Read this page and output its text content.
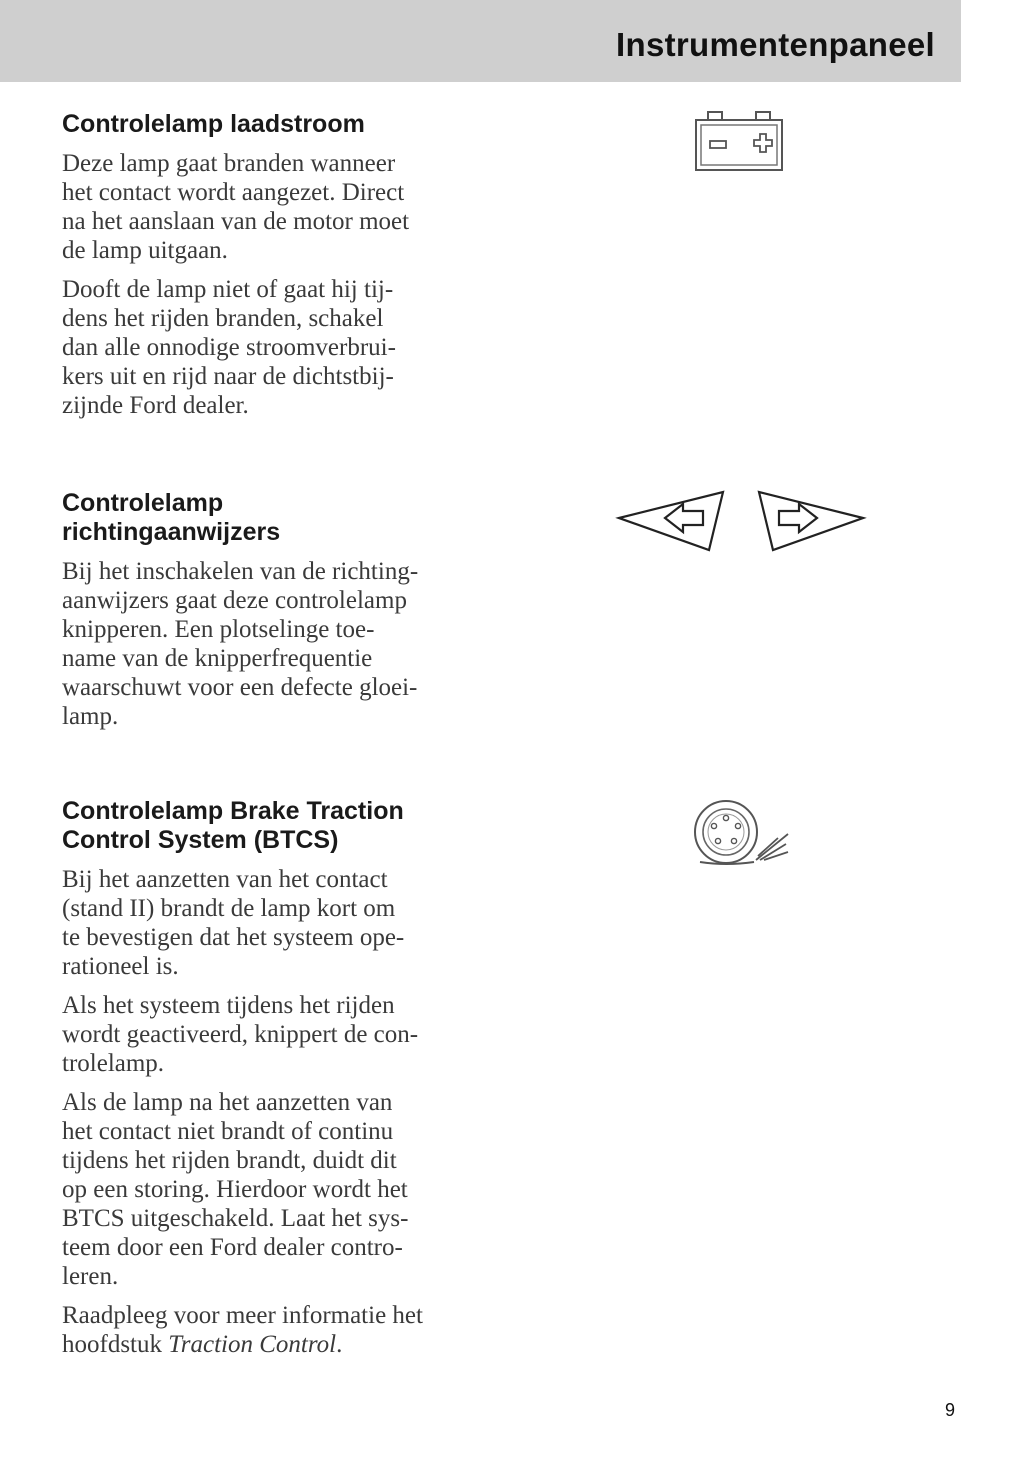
Instrumentenpaneel
Controlelamp laadstroom
Deze lamp gaat branden wanneer
het contact wordt aangezet. Direct
na het aanslaan van de motor moet
de lamp uitgaan.
Dooft de lamp niet of gaat hij tij-
dens het rijden branden, schakel
dan alle onnodige stroomverbrui-
kers uit en rijd naar de dichtstbij-
zijnde Ford dealer.
Controlelamp
richtingaanwijzers
Bij het inschakelen van de richting-
aanwijzers gaat deze controlelamp
knipperen. Een plotselinge toe-
name van de knipperfrequentie
waarschuwt voor een defecte gloei-
lamp.
Controlelamp Brake Traction
Control System (BTCS)
Bij het aanzetten van het contact
(stand II) brandt de lamp kort om
te bevestigen dat het systeem ope-
rationeel is.
Als het systeem tijdens het rijden
wordt geactiveerd, knippert de con-
trolelamp.
Als de lamp na het aanzetten van
het contact niet brandt of continu
tijdens het rijden brandt, duidt dit
op een storing. Hierdoor wordt het
BTCS uitgeschakeld. Laat het sys-
teem door een Ford dealer contro-
leren.
Raadpleeg voor meer informatie het
hoofdstuk Traction Control.
9
